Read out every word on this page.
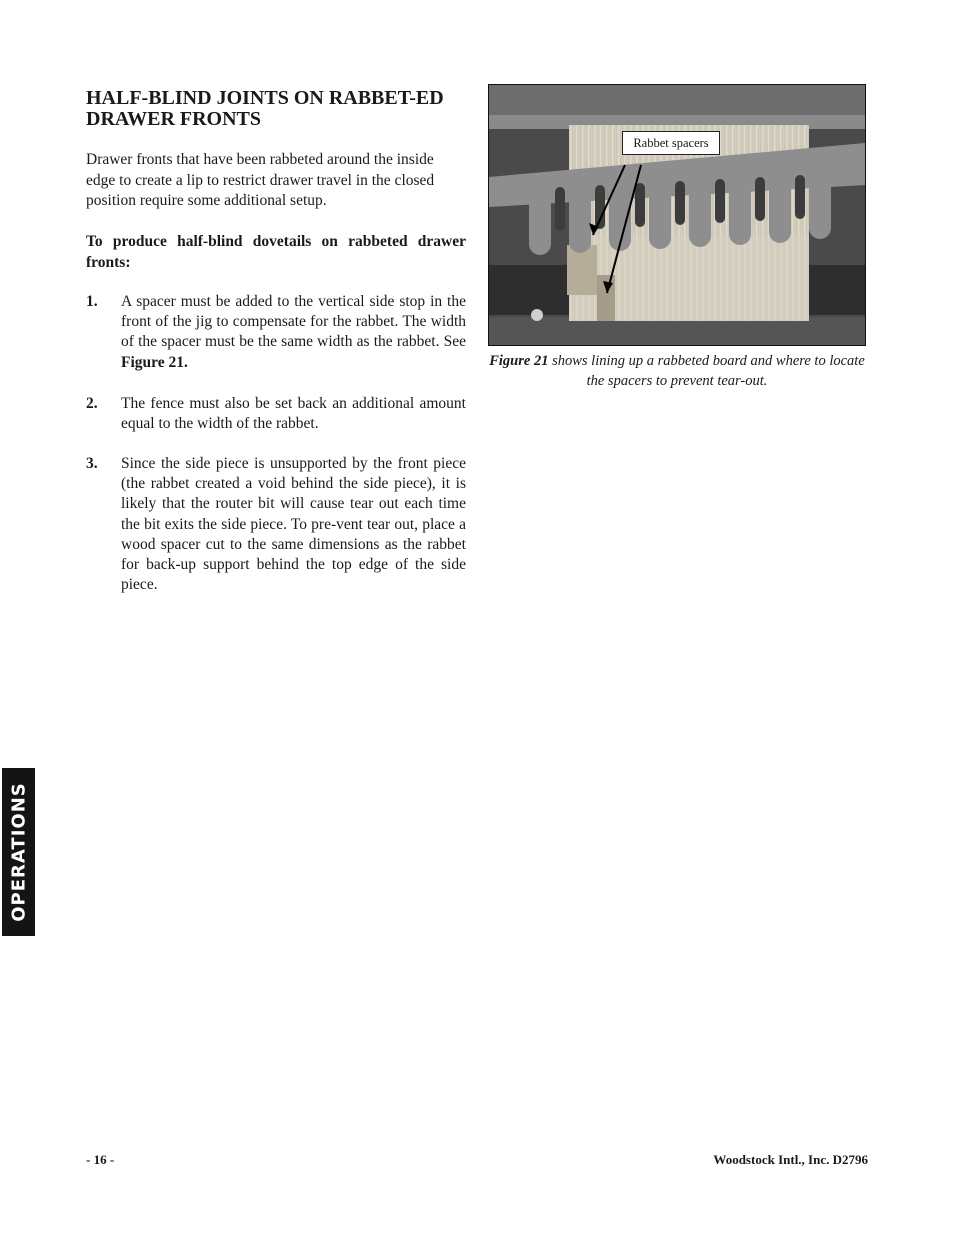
HALF-BLIND JOINTS ON RABBET-ED DRAWER FRONTS

Drawer fronts that have been rabbeted around the inside edge to create a lip to restrict drawer travel in the closed position require some additional setup.

To produce half-blind dovetails on rabbeted drawer fronts:

1. A spacer must be added to the vertical side stop in the front of the jig to compensate for the rabbet. The width of the spacer must be the same width as the rabbet. See Figure 21.
2. The fence must also be set back an additional amount equal to the width of the rabbet.
3. Since the side piece is unsupported by the front piece (the rabbet created a void behind the side piece), it is likely that the router bit will cause tear out each time the bit exits the side piece. To pre-vent tear out, place a wood spacer cut to the same dimensions as the rabbet for back-up support behind the top edge of the side piece.
Rabbet spacers
Figure 21 shows lining up a rabbeted board and where to locate the spacers to prevent tear-out.
OPERATIONS
- 16 -	Woodstock Intl., Inc. D2796
